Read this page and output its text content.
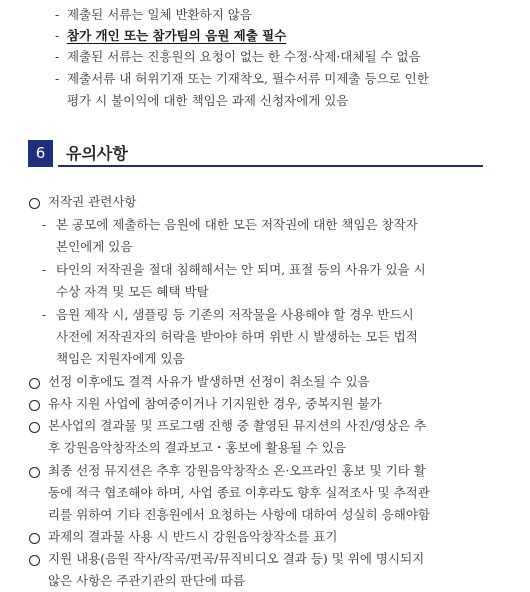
- 제출된 서류는 일체 반환하지 않음
- 참가 개인 또는 참가팀의 음원 제출 필수
- 제출된 서류는 진흥원의 요청이 없는 한 수정·삭제·대체될 수 없음
- 제출서류 내 허위기재 또는 기재착오, 필수서류 미제출 등으로 인한
평가 시 불이익에 대한 책임은 과제 신청자에게 있음
6	유의사항
저작권 관련사항
- 본 공모에 제출하는 음원에 대한 모든 저작권에 대한 책임은 창작자
본인에게 있음
- 타인의 저작권을 절대 침해해서는 안 되며, 표절 등의 사유가 있을 시
수상 자격 및 모든 혜택 박탈
- 음원 제작 시, 샘플링 등 기존의 저작물을 사용해야 할 경우 반드시
사전에 저작권자의 허락을 받아야 하며 위반 시 발생하는 모든 법적
책임은 지원자에게 있음
선정 이후에도 결격 사유가 발생하면 선정이 취소될 수 있음
유사 지원 사업에 참여중이거나 기지원한 경우, 중복지원 불가
본사업의 결과물 및 프로그램 진행 중 촬영된 뮤지션의 사진/영상은 추
후 강원음악창작소의 결과보고・홍보에 활용될 수 있음
최종 선정 뮤지션은 추후 강원음악창작소 온·오프라인 홍보 및 기타 활
동에 적극 협조해야 하며, 사업 종료 이후라도 향후 실적조사 및 추적관
리를 위하여 기타 진흥원에서 요청하는 사항에 대하여 성실히 응해야함
과제의 결과물 사용 시 반드시 강원음악창작소를 표기
지원 내용(음원 작사/작곡/편곡/뮤직비디오 결과 등) 및 위에 명시되지
않은 사항은 주관기관의 판단에 따름
